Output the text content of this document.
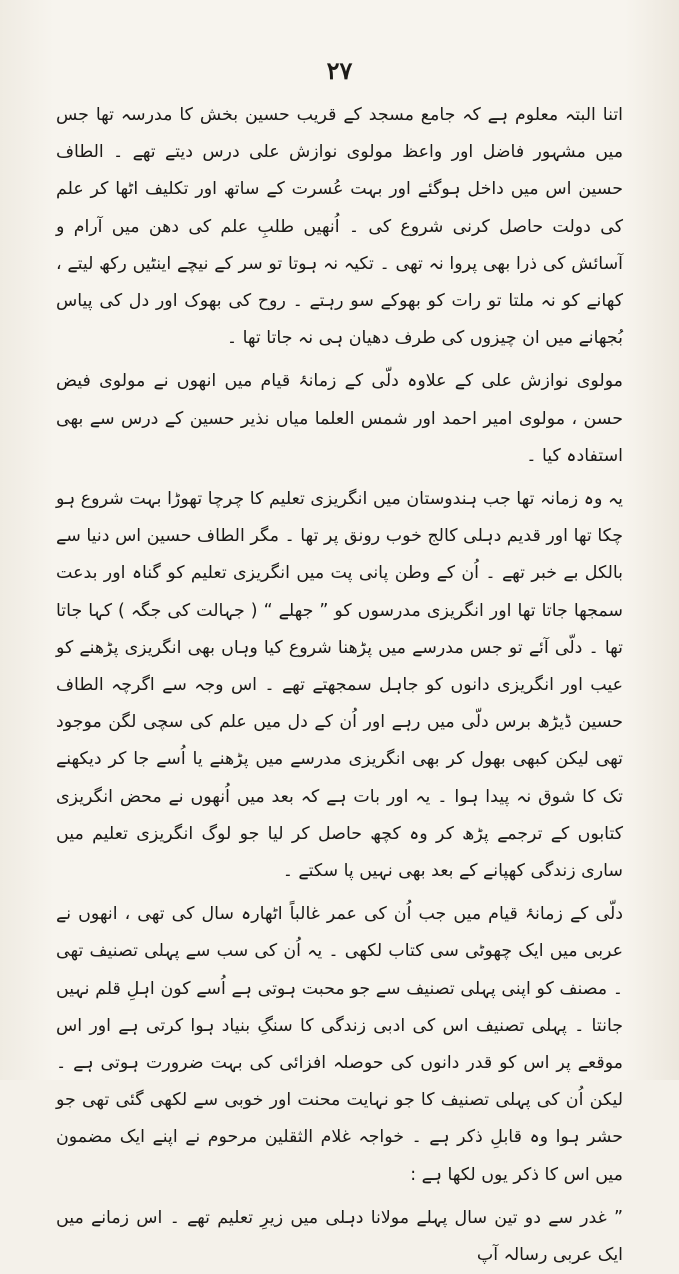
۲۷

اتنا البتہ معلوم ہے کہ جامع مسجد کے قریب حسین بخش کا مدرسہ تھا جس میں مشہور فاضل اور واعظ مولوی نوازش علی درس دیتے تھے ۔ الطاف حسین اس میں داخل ہوگئے اور بہت عُسرت کے ساتھ اور تکلیف اٹھا کر علم کی دولت حاصل کرنی شروع کی ۔ اُنھیں طلبِ علم کی دھن میں آرام و آسائش کی ذرا بھی پروا نہ تھی ۔ تکیہ نہ ہوتا تو سر کے نیچے اینٹیں رکھ لیتے ، کھانے کو نہ ملتا تو رات کو بھوکے سو رہتے ۔ روح کی بھوک اور دل کی پیاس بُجھانے میں ان چیزوں کی طرف دھیان ہی نہ جاتا تھا ۔

مولوی نوازش علی کے علاوہ دلّی کے زمانۂ قیام میں انھوں نے مولوی فیض حسن ، مولوی امیر احمد اور شمس العلما میاں نذیر حسین کے درس سے بھی استفادہ کیا ۔

یہ وہ زمانہ تھا جب ہندوستان میں انگریزی تعلیم کا چرچا تھوڑا بہت شروع ہو چکا تھا اور قدیم دہلی کالج خوب رونق پر تھا ۔ مگر الطاف حسین اس دنیا سے بالکل بے خبر تھے ۔ اُن کے وطن پانی پت میں انگریزی تعلیم کو گناہ اور بدعت سمجھا جاتا تھا اور انگریزی مدرسوں کو ” جھلے “ ( جہالت کی جگہ ) کہا جاتا تھا ۔ دلّی آئے تو جس مدرسے میں پڑھنا شروع کیا وہاں بھی انگریزی پڑھنے کو عیب اور انگریزی دانوں کو جاہل سمجھتے تھے ۔ اس وجہ سے اگرچہ الطاف حسین ڈیڑھ برس دلّی میں رہے اور اُن کے دل میں علم کی سچی لگن موجود تھی لیکن کبھی بھول کر بھی انگریزی مدرسے میں پڑھنے یا اُسے جا کر دیکھنے تک کا شوق نہ پیدا ہوا ۔ یہ اور بات ہے کہ بعد میں اُنھوں نے محض انگریزی کتابوں کے ترجمے پڑھ کر وہ کچھ حاصل کر لیا جو لوگ انگریزی تعلیم میں ساری زندگی کھپانے کے بعد بھی نہیں پا سکتے ۔

دلّی کے زمانۂ قیام میں جب اُن کی عمر غالباً اٹھارہ سال کی تھی ، انھوں نے عربی میں ایک چھوٹی سی کتاب لکھی ۔ یہ اُن کی سب سے پہلی تصنیف تھی ۔ مصنف کو اپنی پہلی تصنیف سے جو محبت ہوتی ہے اُسے کون اہلِ قلم نہیں جانتا ۔ پہلی تصنیف اس کی ادبی زندگی کا سنگِ بنیاد ہوا کرتی ہے اور اس موقعے پر اس کو قدر دانوں کی حوصلہ افزائی کی بہت ضرورت ہوتی ہے ۔ لیکن اُن کی پہلی تصنیف کا جو نہایت محنت اور خوبی سے لکھی گئی تھی جو حشر ہوا وہ قابلِ ذکر ہے ۔ خواجہ غلام الثقلین مرحوم نے اپنے ایک مضمون میں اس کا ذکر یوں لکھا ہے :

” غدر سے دو تین سال پہلے مولانا دہلی میں زیرِ تعلیم تھے ۔ اس زمانے میں ایک عربی رسالہ آپ
